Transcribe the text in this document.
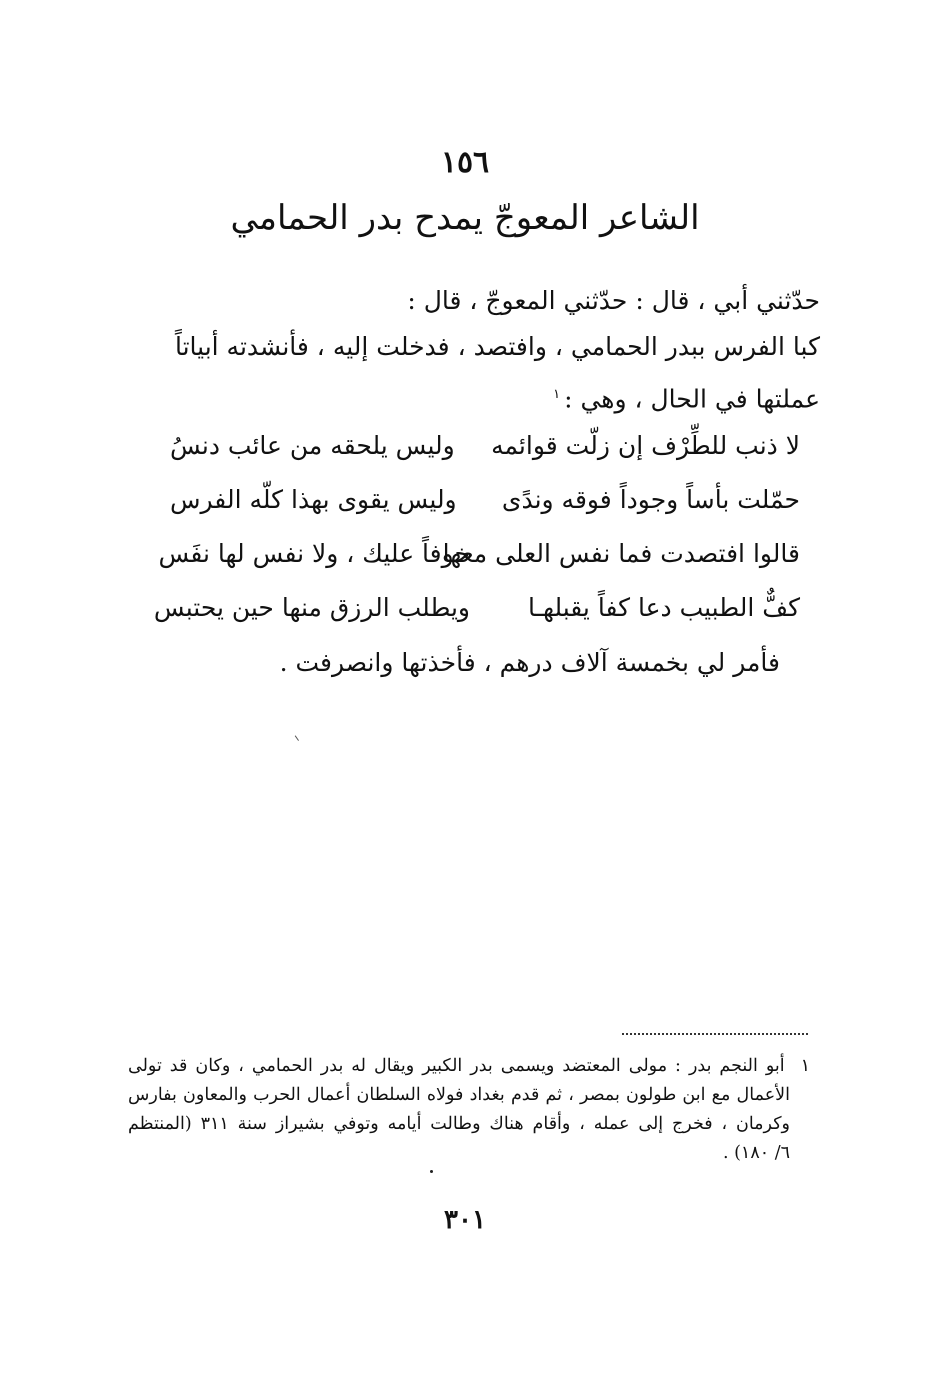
١٥٦
الشاعر المعوجّ يمدح بدر الحمامي
حدّثني أبي ، قال : حدّثني المعوجّ ، قال :
كبا الفرس ببدر الحمامي ، وافتصد ، فدخلت إليه ، فأنشدته أبياتاً
عملتها في الحال ، وهي :$^١$
لا ذنب للطِّرْف إن زلّت قوائمه
وليس يلحقه من عائب دنسُ
حمّلت بأساً وجوداً فوقه وندًى
وليس يقوى بهذا كلّه الفرس
قالوا افتصدت فما نفس العلى معها
خوفاً عليك ، ولا نفس لها نفَس
كفٌّ الطبيب دعا كفاً يقبلهـا
ويطلب الرزق منها حين يحتبس
فأمر لي بخمسة آلاف درهم ، فأخذتها وانصرفت .
١  أبو النجم بدر : مولى المعتضد ويسمى بدر الكبير ويقال له بدر الحمامي ، وكان قد تولى
الأعمال مع ابن طولون بمصر ، ثم قدم بغداد فولاه السلطان أعمال الحرب والمعاون بفارس
وكرمان ، فخرج إلى عمله ، وأقام هناك وطالت أيامه وتوفي بشيراز سنة ٣١١ (المنتظم
٦/ ١٨٠) .
٣٠١
